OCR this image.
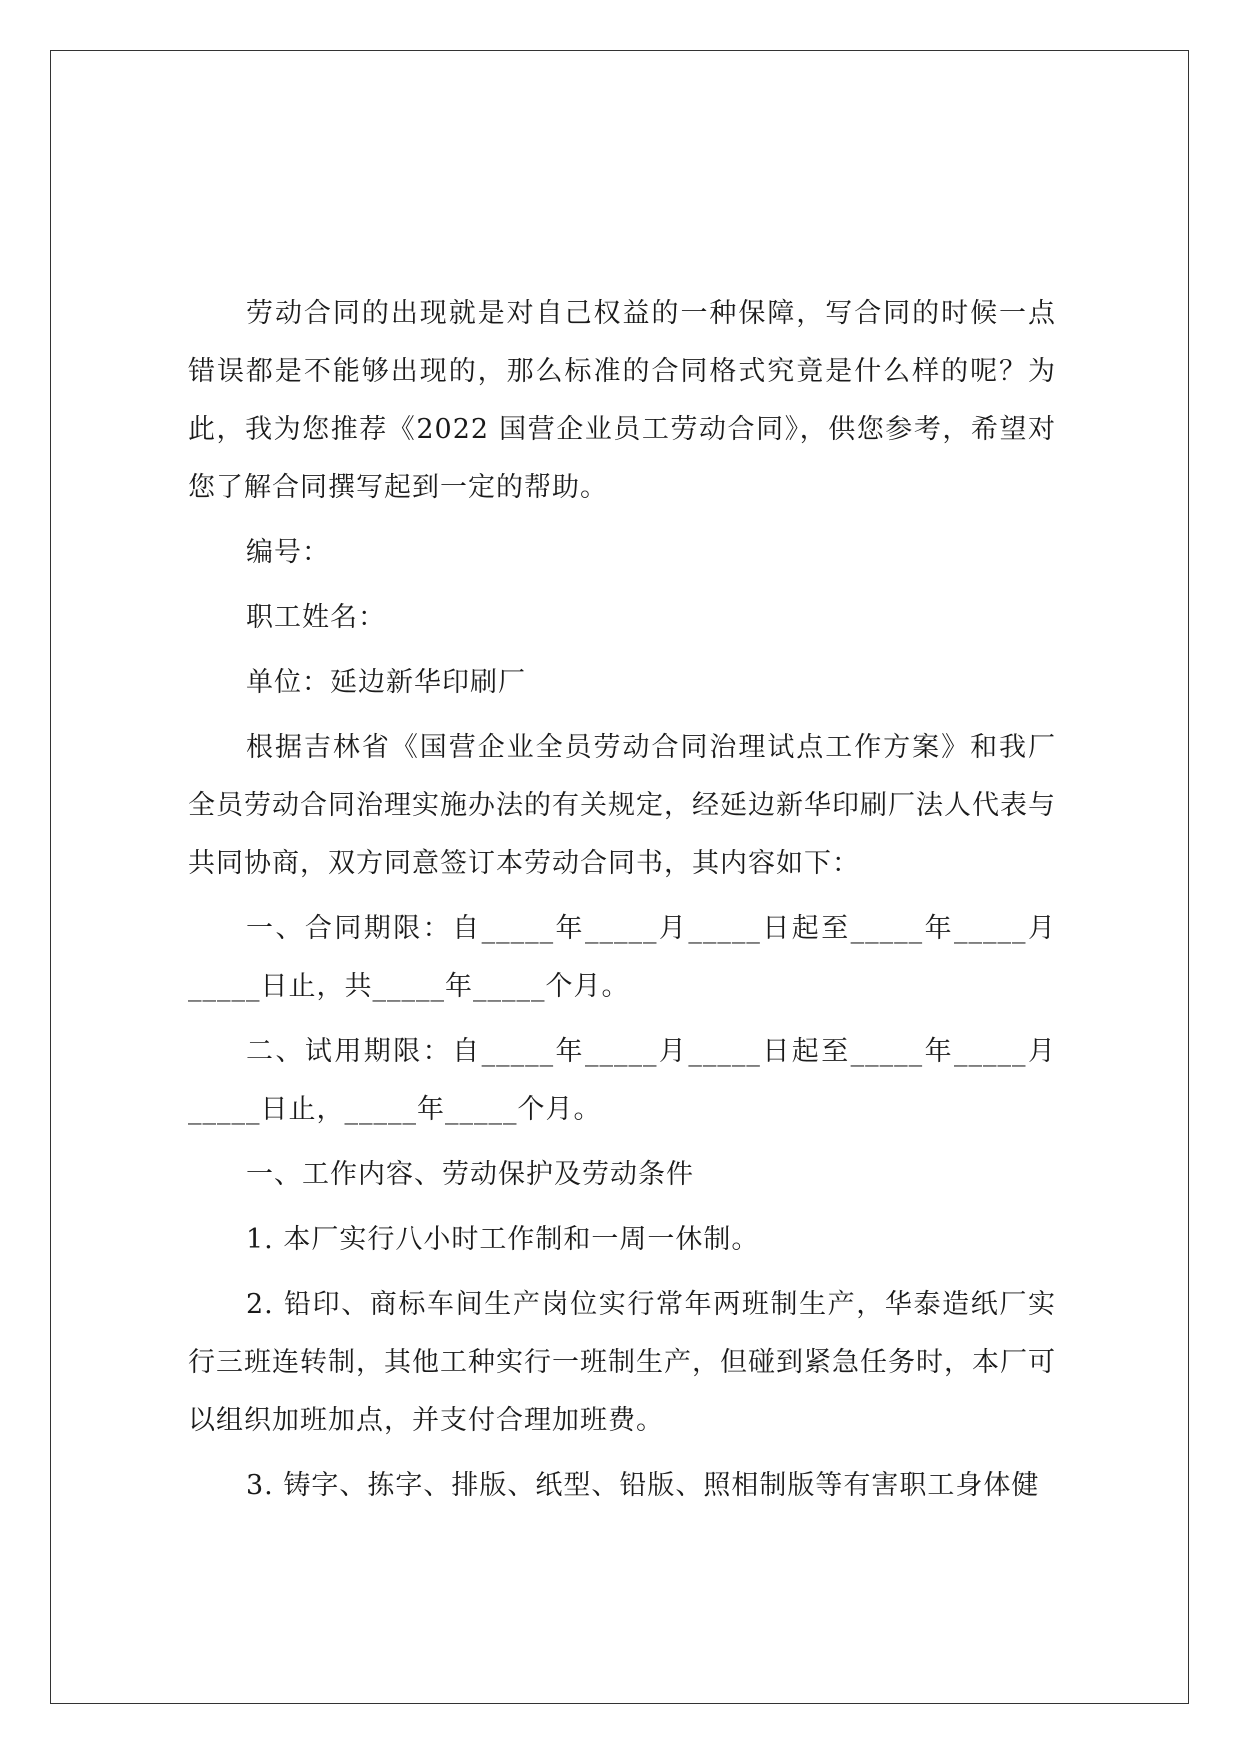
劳动合同的出现就是对自己权益的一种保障，写合同的时候一点错误都是不能够出现的，那么标准的合同格式究竟是什么样的呢？为此，我为您推荐《2022 国营企业员工劳动合同》，供您参考，希望对您了解合同撰写起到一定的帮助。

编号：

职工姓名：

单位：延边新华印刷厂

根据吉林省《国营企业全员劳动合同治理试点工作方案》和我厂全员劳动合同治理实施办法的有关规定，经延边新华印刷厂法人代表与共同协商，双方同意签订本劳动合同书，其内容如下：

一、合同期限：自_____年_____月_____日起至_____年_____月_____日止，共_____年_____个月。

二、试用期限：自_____年_____月_____日起至_____年_____月_____日止，_____年_____个月。

一、工作内容、劳动保护及劳动条件

1. 本厂实行八小时工作制和一周一休制。

2. 铅印、商标车间生产岗位实行常年两班制生产，华泰造纸厂实行三班连转制，其他工种实行一班制生产，但碰到紧急任务时，本厂可以组织加班加点，并支付合理加班费。

3. 铸字、拣字、排版、纸型、铅版、照相制版等有害职工身体健
